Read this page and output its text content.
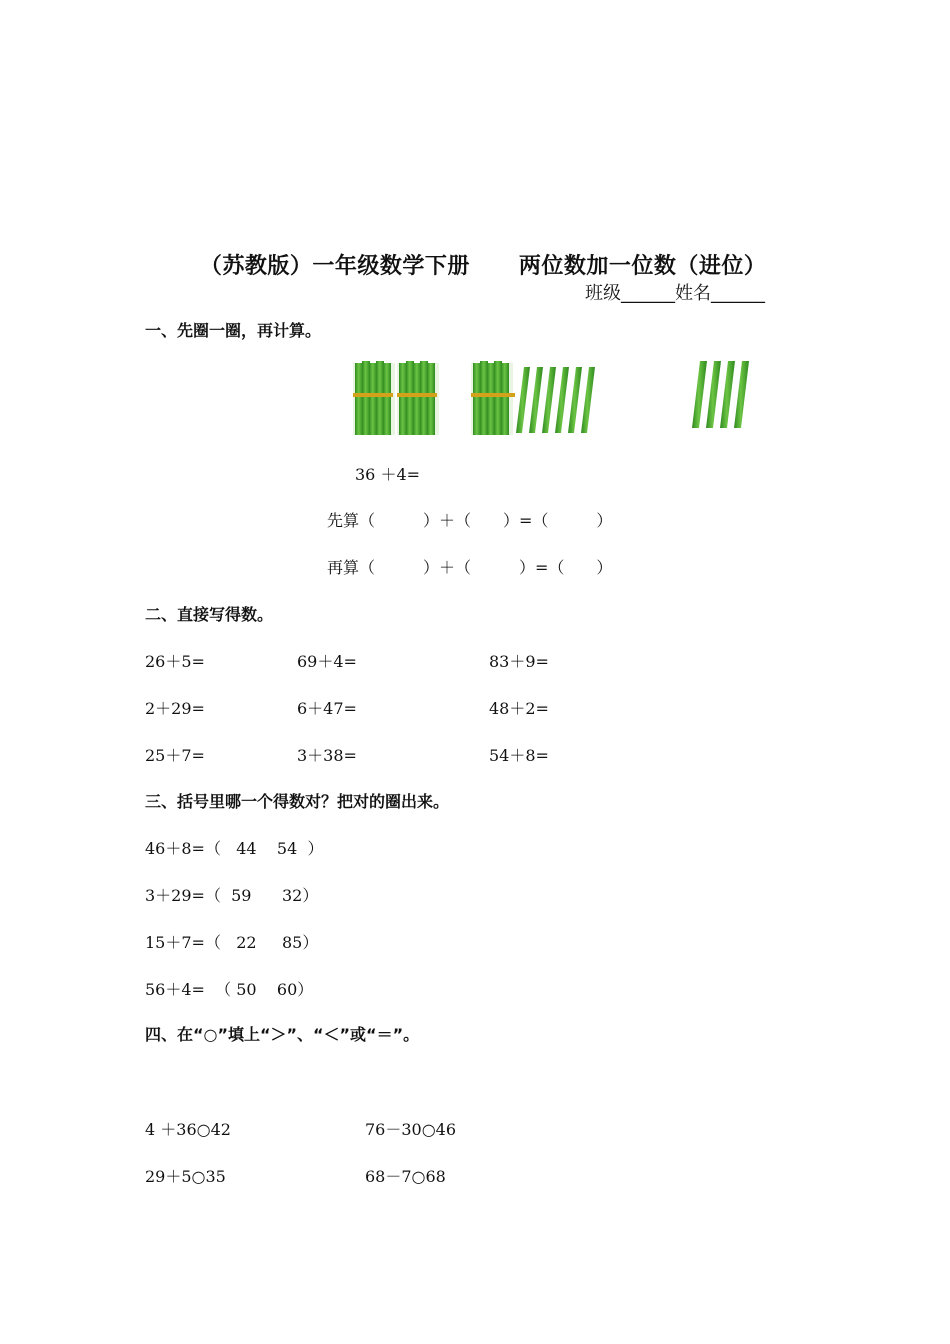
（苏教版）一年级数学下册 两位数加一位数（进位）

班级______姓名______
一、先圈一圈，再计算。
36 ＋4=
先算（　　　）＋（　　）=（　　　）
再算（　　　）＋（　　　）=（　　）
二、直接写得数。
26＋5=	69＋4=	83＋9=
2＋29=	6＋47=	48＋2=
25＋7=	3＋38=	54＋8=
三、括号里哪一个得数对？把对的圈出来。
46＋8=（   44    54  ）
3＋29=（  59      32）
15＋7=（   22     85）
56＋4=  （ 50    60）
四、在“○”填上“＞”、“＜”或“＝”。
4 ＋36○42	76－30○46
29＋5○35	68－7○68
